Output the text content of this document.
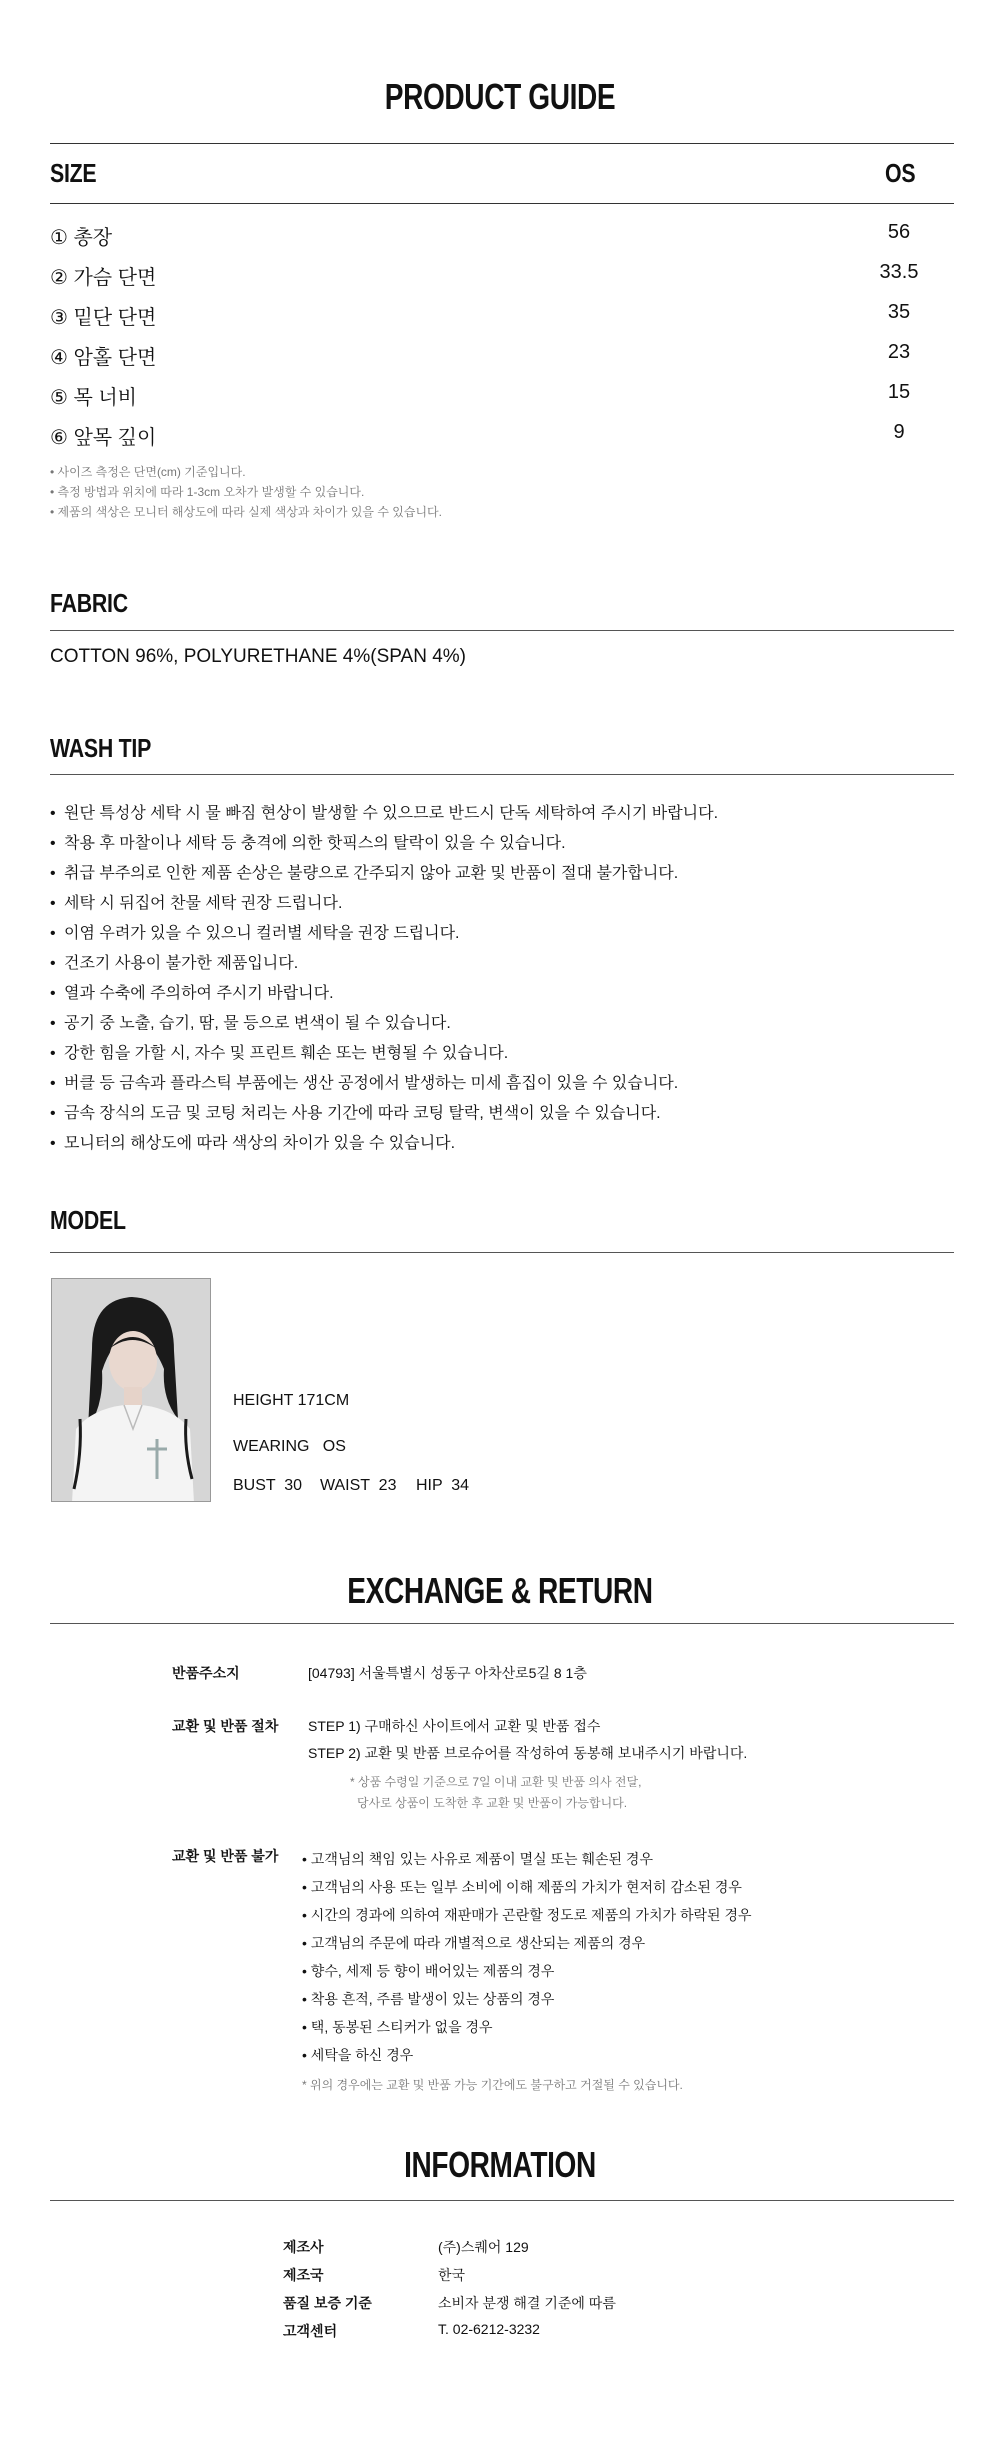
PRODUCT GUIDE
SIZE	OS
① 총장	56
② 가슴 단면	33.5
③ 밑단 단면	35
④ 암홀 단면	23
⑤ 목 너비	15
⑥ 앞목 깊이	9
• 사이즈 측정은 단면(cm) 기준입니다.
• 측정 방법과 위치에 따라 1-3cm 오차가 발생할 수 있습니다.
• 제품의 색상은 모니터 해상도에 따라 실제 색상과 차이가 있을 수 있습니다.
FABRIC
COTTON 96%, POLYURETHANE 4%(SPAN 4%)
WASH TIP
• 원단 특성상 세탁 시 물 빠짐 현상이 발생할 수 있으므로 반드시 단독 세탁하여 주시기 바랍니다.
• 착용 후 마찰이나 세탁 등 충격에 의한 핫픽스의 탈락이 있을 수 있습니다.
• 취급 부주의로 인한 제품 손상은 불량으로 간주되지 않아 교환 및 반품이 절대 불가합니다.
• 세탁 시 뒤집어 찬물 세탁 권장 드립니다.
• 이염 우려가 있을 수 있으니 컬러별 세탁을 권장 드립니다.
• 건조기 사용이 불가한 제품입니다.
• 열과 수축에 주의하여 주시기 바랍니다.
• 공기 중 노출, 습기, 땀, 물 등으로 변색이 될 수 있습니다.
• 강한 힘을 가할 시, 자수 및 프린트 훼손 또는 변형될 수 있습니다.
• 버클 등 금속과 플라스틱 부품에는 생산 공정에서 발생하는 미세 흠집이 있을 수 있습니다.
• 금속 장식의 도금 및 코팅 처리는 사용 기간에 따라 코팅 탈락, 변색이 있을 수 있습니다.
• 모니터의 해상도에 따라 색상의 차이가 있을 수 있습니다.
MODEL
HEIGHT 171CM
WEARING   OS
BUST  30 WAIST  23 HIP  34
EXCHANGE & RETURN
반품주소지	[04793] 서울특별시 성동구 아차산로5길 8 1층
교환 및 반품 절차 STEP 1) 구매하신 사이트에서 교환 및 반품 접수
STEP 2) 교환 및 반품 브로슈어를 작성하여 동봉해 보내주시기 바랍니다.
* 상품 수령일 기준으로 7일 이내 교환 및 반품 의사 전달,
당사로 상품이 도착한 후 교환 및 반품이 가능합니다.
교환 및 반품 불가 • 고객님의 책임 있는 사유로 제품이 멸실 또는 훼손된 경우
• 고객님의 사용 또는 일부 소비에 이해 제품의 가치가 현저히 감소된 경우
• 시간의 경과에 의하여 재판매가 곤란할 정도로 제품의 가치가 하락된 경우
• 고객님의 주문에 따라 개별적으로 생산되는 제품의 경우
• 향수, 세제 등 향이 배어있는 제품의 경우
• 착용 흔적, 주름 발생이 있는 상품의 경우
• 택, 동봉된 스티커가 없을 경우
• 세탁을 하신 경우
* 위의 경우에는 교환 및 반품 가능 기간에도 불구하고 거절될 수 있습니다.
INFORMATION
제조사	(주)스퀘어 129
제조국	한국
품질 보증 기준	소비자 분쟁 해결 기준에 따름
고객센터	T. 02-6212-3232
